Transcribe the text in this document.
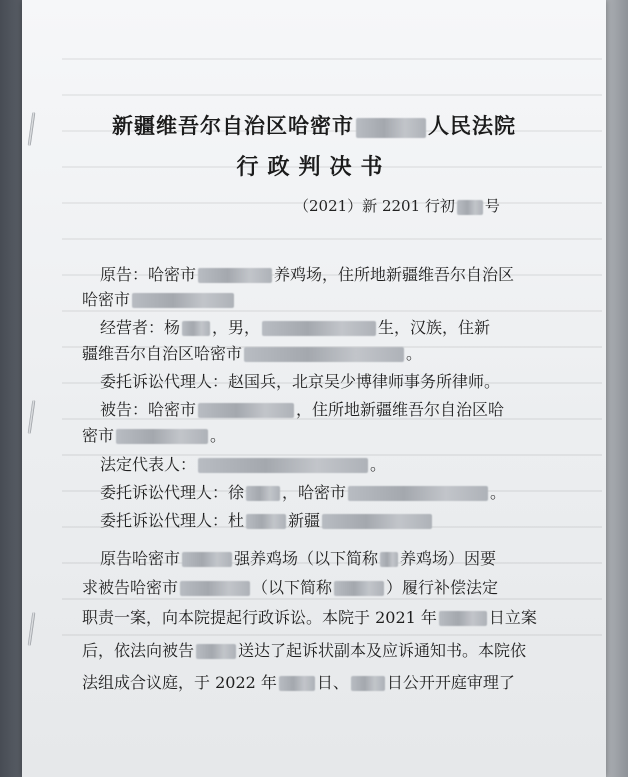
新疆维吾尔自治区哈密市	人民法院
行政判决书
（2021）新 2201 行初 号
原告：哈密市	养鸡场，住所地新疆维吾尔自治区
哈密市
经营者：杨 ，男，	生，汉族，住新
疆维吾尔自治区哈密市	。
委托诉讼代理人：赵国兵，北京吴少博律师事务所律师。
被告：哈密市	，住所地新疆维吾尔自治区哈
密市	。
法定代表人：	。
委托诉讼代理人：徐 ，哈密市	。
委托诉讼代理人：杜	新疆
原告哈密市	强养鸡场（以下简称 养鸡场）因要
求被告哈密市	（以下简称	）履行补偿法定
职责一案，向本院提起行政诉讼。本院于 2021 年	日立案
后，依法向被告	送达了起诉状副本及应诉通知书。本院依
法组成合议庭，于 2022 年	日、 日公开开庭审理了
